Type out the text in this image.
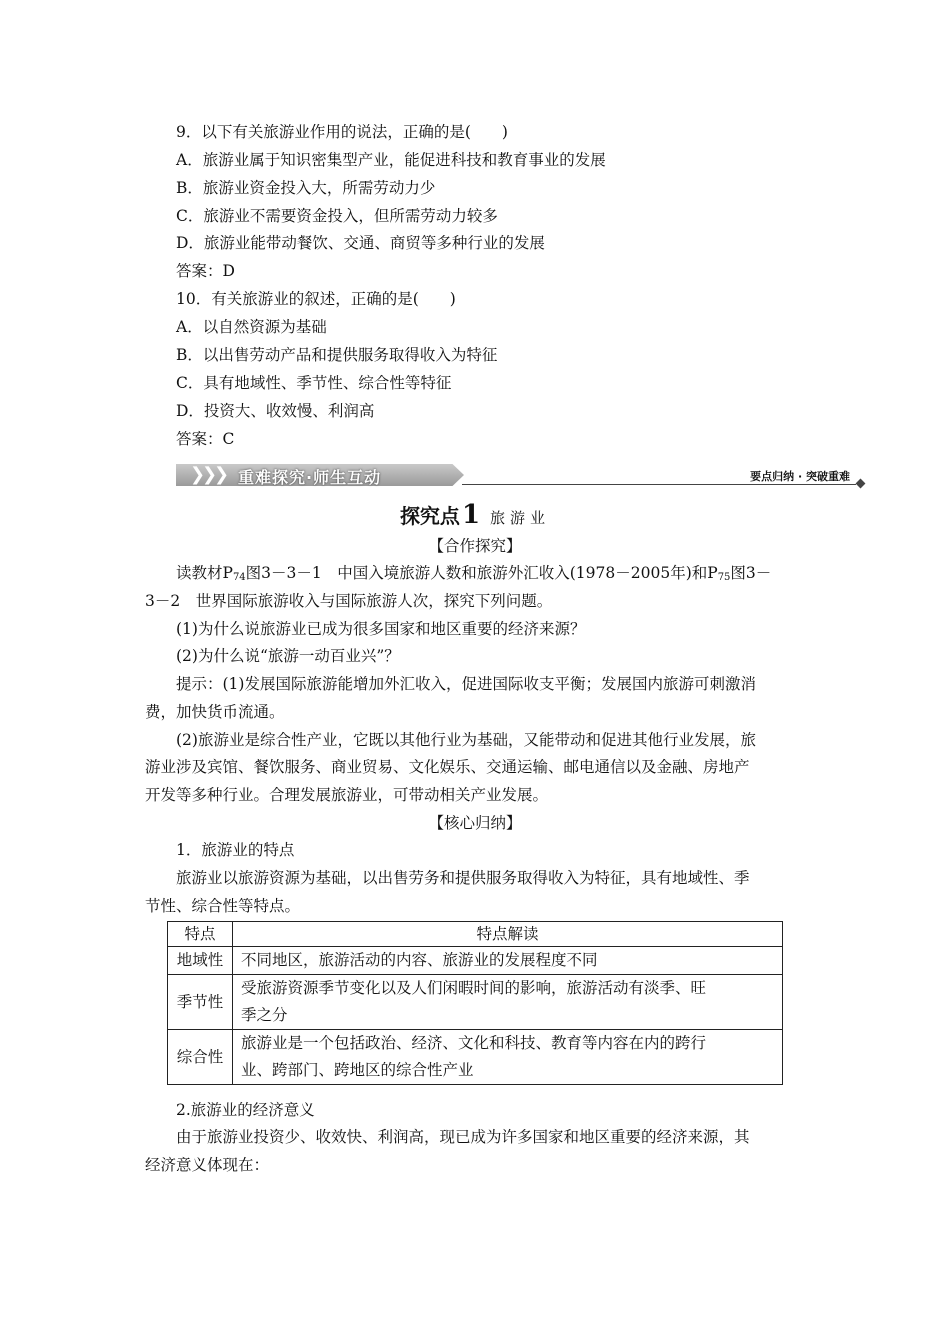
9．以下有关旅游业作用的说法，正确的是(　　)
A．旅游业属于知识密集型产业，能促进科技和教育事业的发展
B．旅游业资金投入大，所需劳动力少
C．旅游业不需要资金投入，但所需劳动力较多
D．旅游业能带动餐饮、交通、商贸等多种行业的发展
答案：D
10．有关旅游业的叙述，正确的是(　　)
A．以自然资源为基础
B．以出售劳动产品和提供服务取得收入为特征
C．具有地域性、季节性、综合性等特征
D．投资大、收效慢、利润高
答案：C
❯
❯
❯ 重难探究·师生互动	要点归纳 · 突破重难
探究点1 旅游业
【合作探究】
读教材$P_{74}$图3－3－1　中国入境旅游人数和旅游外汇收入(1978－2005年)和$P_{75}$图3－
3－2　世界国际旅游收入与国际旅游人次，探究下列问题。
(1)为什么说旅游业已成为很多国家和地区重要的经济来源？
(2)为什么说“旅游一动百业兴”？
提示：(1)发展国际旅游能增加外汇收入，促进国际收支平衡；发展国内旅游可刺激消
费，加快货币流通。
(2)旅游业是综合性产业，它既以其他行业为基础，又能带动和促进其他行业发展，旅
游业涉及宾馆、餐饮服务、商业贸易、文化娱乐、交通运输、邮电通信以及金融、房地产
开发等多种行业。合理发展旅游业，可带动相关产业发展。
【核心归纳】
1．旅游业的特点
旅游业以旅游资源为基础，以出售劳务和提供服务取得收入为特征，具有地域性、季
节性、综合性等特点。
特点	特点解读
地域性	不同地区，旅游活动的内容、旅游业的发展程度不同
季节性	受旅游资源季节变化以及人们闲暇时间的影响，旅游活动有淡季、旺
季之分
综合性	旅游业是一个包括政治、经济、文化和科技、教育等内容在内的跨行
业、跨部门、跨地区的综合性产业
2.旅游业的经济意义
由于旅游业投资少、收效快、利润高，现已成为许多国家和地区重要的经济来源，其
经济意义体现在：
